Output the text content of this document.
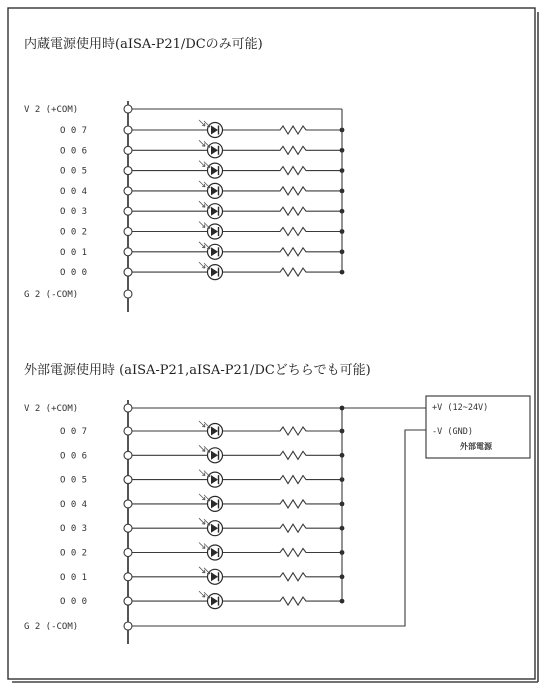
内蔵電源使用時(aISA-P21/DCのみ可能)
V 2 (+COM)
O 0 7
O 0 6
O 0 5
O 0 4
O 0 3
O 0 2
O 0 1
O 0 0
G 2 (-COM)
外部電源使用時 (aISA-P21,aISA-P21/DCどちらでも可能)
V 2 (+COM)
O 0 7
O 0 6
O 0 5
O 0 4
O 0 3
O 0 2
O 0 1
O 0 0
G 2 (-COM)
+V (12~24V)
-V (GND)
外部電源
